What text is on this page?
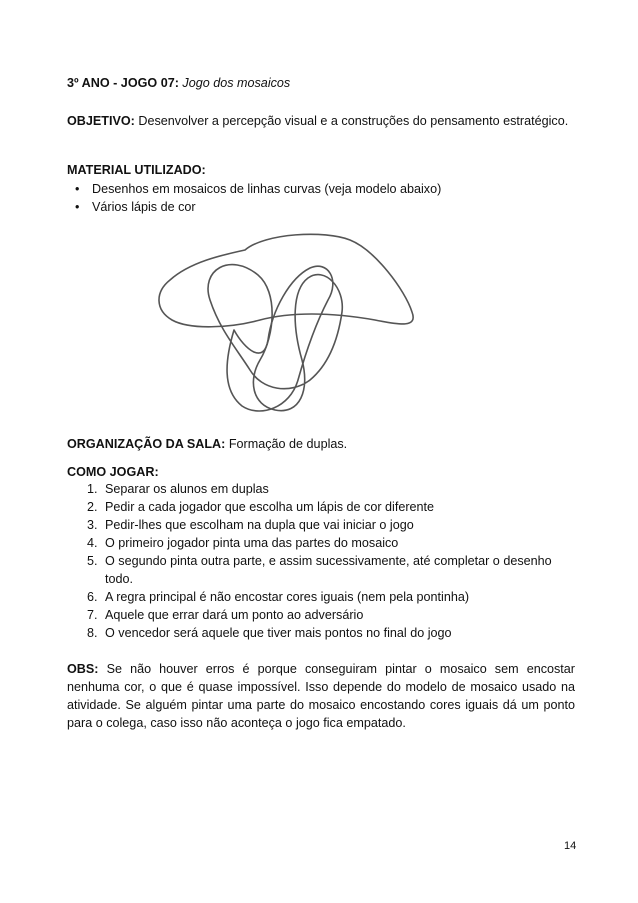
3º ANO - JOGO 07: Jogo dos mosaicos
OBJETIVO: Desenvolver a percepção visual e a construções do pensamento estratégico.
MATERIAL UTILIZADO:
• Desenhos em mosaicos de linhas curvas (veja modelo abaixo)
• Vários lápis de cor
ORGANIZAÇÃO DA SALA: Formação de duplas.
COMO JOGAR:
1. Separar os alunos em duplas
2. Pedir a cada jogador que escolha um lápis de cor diferente
3. Pedir-lhes que escolham na dupla que vai iniciar o jogo
4. O primeiro jogador pinta uma das partes do mosaico
5. O segundo pinta outra parte, e assim sucessivamente, até completar o desenho
todo.
6. A regra principal é não encostar cores iguais (nem pela pontinha)
7. Aquele que errar dará um ponto ao adversário
8. O vencedor será aquele que tiver mais pontos no final do jogo
OBS: Se não houver erros é porque conseguiram pintar o mosaico sem encostar nenhuma cor, o que é quase impossível. Isso depende do modelo de mosaico usado na atividade. Se alguém pintar uma parte do mosaico encostando cores iguais dá um ponto para o colega, caso isso não aconteça o jogo fica empatado.
14
